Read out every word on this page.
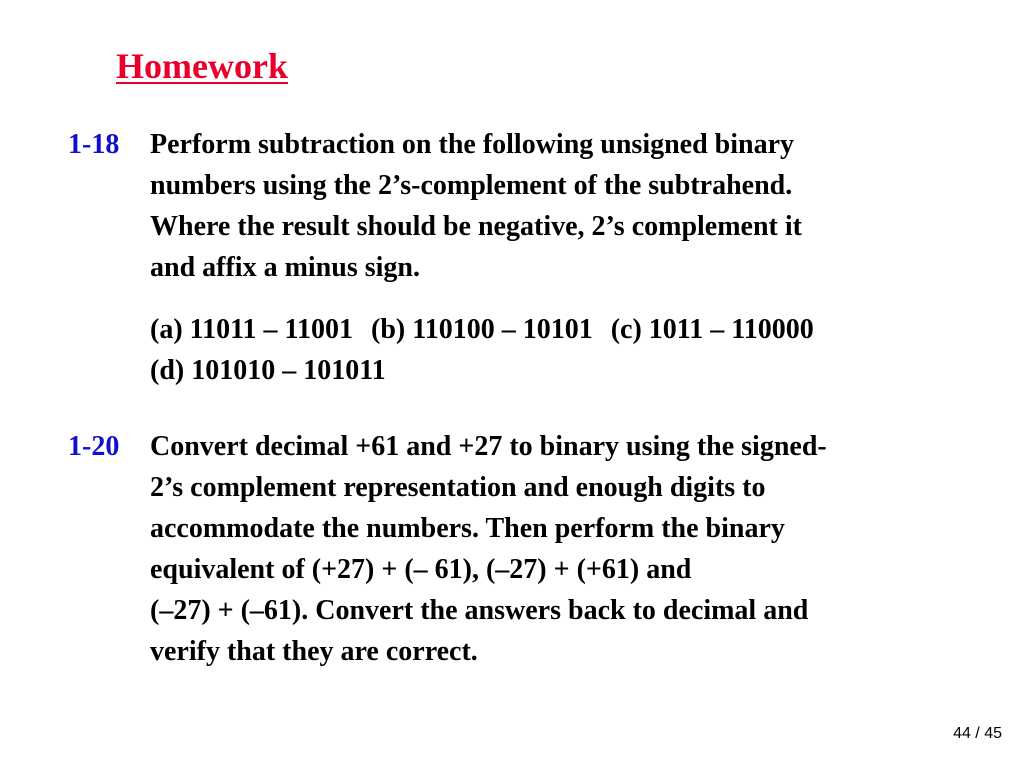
Homework
1-18 Perform subtraction on the following unsigned binary
numbers using the 2’s-complement of the subtrahend.
Where the result should be negative, 2’s complement it
and affix a minus sign.
(a) 11011 – 11001 (b) 110100 – 10101 (c) 1011 – 110000
(d) 101010 – 101011
1-20 Convert decimal +61 and +27 to binary using the signed-
2’s complement representation and enough digits to
accommodate the numbers. Then perform the binary
equivalent of (+27) + (– 61), (–27) + (+61) and
(–27) + (–61). Convert the answers back to decimal and
verify that they are correct.
44 / 45
